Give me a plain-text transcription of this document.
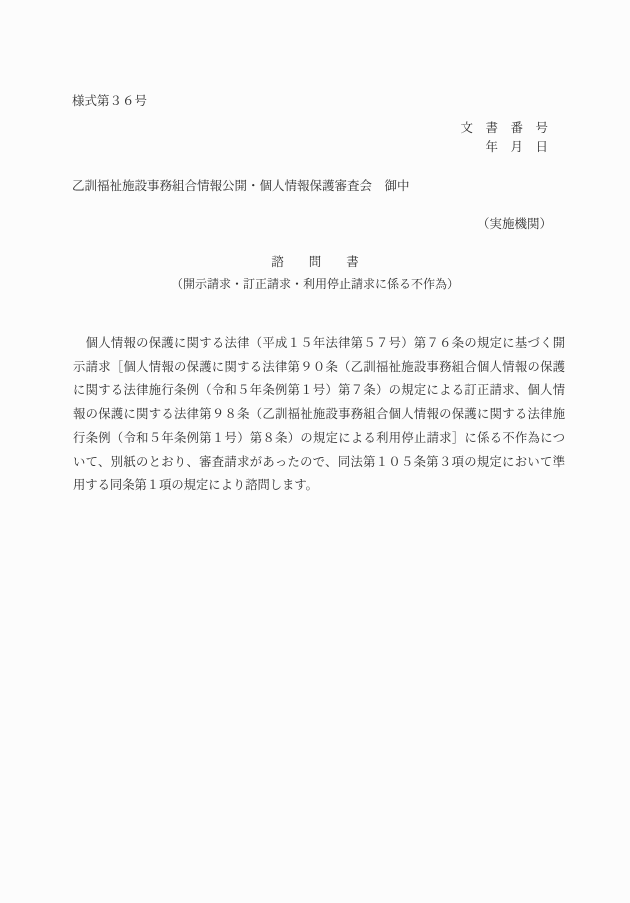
様式第３６号
文　書　番　号
年　月　日
乙訓福祉施設事務組合情報公開・個人情報保護審査会　御中
（実施機関）
諮　　問　　書
（開示請求・訂正請求・利用停止請求に係る不作為）
　個人情報の保護に関する法律（平成１５年法律第５７号）第７６条の規定に基づく開
示請求［個人情報の保護に関する法律第９０条（乙訓福祉施設事務組合個人情報の保護
に関する法律施行条例（令和５年条例第１号）第７条）の規定による訂正請求、個人情
報の保護に関する法律第９８条（乙訓福祉施設事務組合個人情報の保護に関する法律施
行条例（令和５年条例第１号）第８条）の規定による利用停止請求］に係る不作為につ
いて、別紙のとおり、審査請求があったので、同法第１０５条第３項の規定において準
用する同条第１項の規定により諮問します。
